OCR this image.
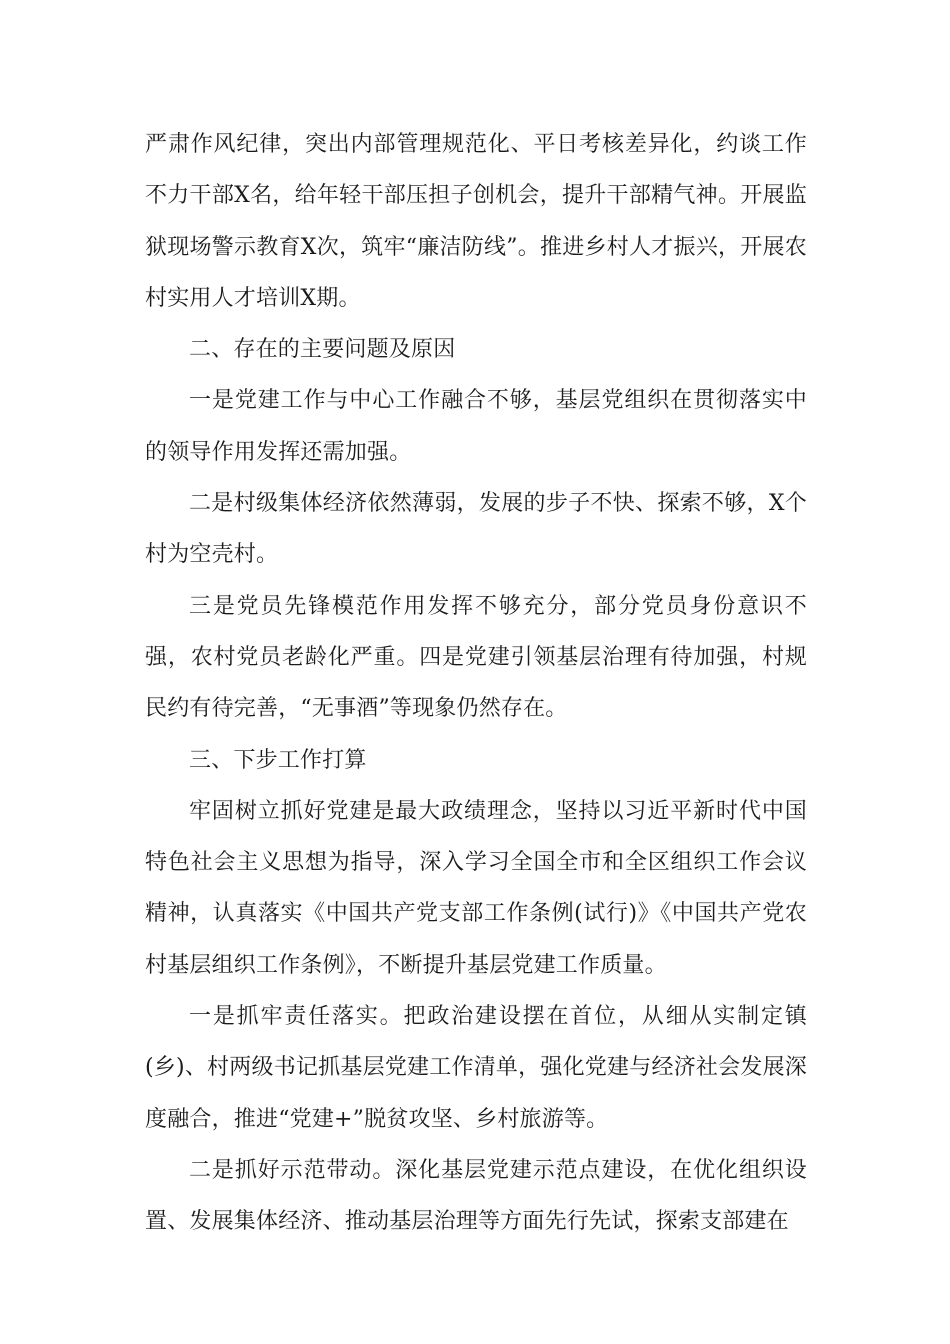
严肃作风纪律，突出内部管理规范化、平日考核差异化，约谈工作不力干部X名，给年轻干部压担子创机会，提升干部精气神。开展监狱现场警示教育X次，筑牢“廉洁防线”。推进乡村人才振兴，开展农村实用人才培训X期。

二、存在的主要问题及原因

一是党建工作与中心工作融合不够，基层党组织在贯彻落实中的领导作用发挥还需加强。

二是村级集体经济依然薄弱，发展的步子不快、探索不够，X个村为空壳村。

三是党员先锋模范作用发挥不够充分，部分党员身份意识不强，农村党员老龄化严重。四是党建引领基层治理有待加强，村规民约有待完善，“无事酒”等现象仍然存在。

三、下步工作打算

牢固树立抓好党建是最大政绩理念，坚持以习近平新时代中国特色社会主义思想为指导，深入学习全国全市和全区组织工作会议精神，认真落实《中国共产党支部工作条例(试行)》《中国共产党农村基层组织工作条例》，不断提升基层党建工作质量。

一是抓牢责任落实。把政治建设摆在首位，从细从实制定镇(乡)、村两级书记抓基层党建工作清单，强化党建与经济社会发展深度融合，推进“党建+”脱贫攻坚、乡村旅游等。

二是抓好示范带动。深化基层党建示范点建设，在优化组织设置、发展集体经济、推动基层治理等方面先行先试，探索支部建在
